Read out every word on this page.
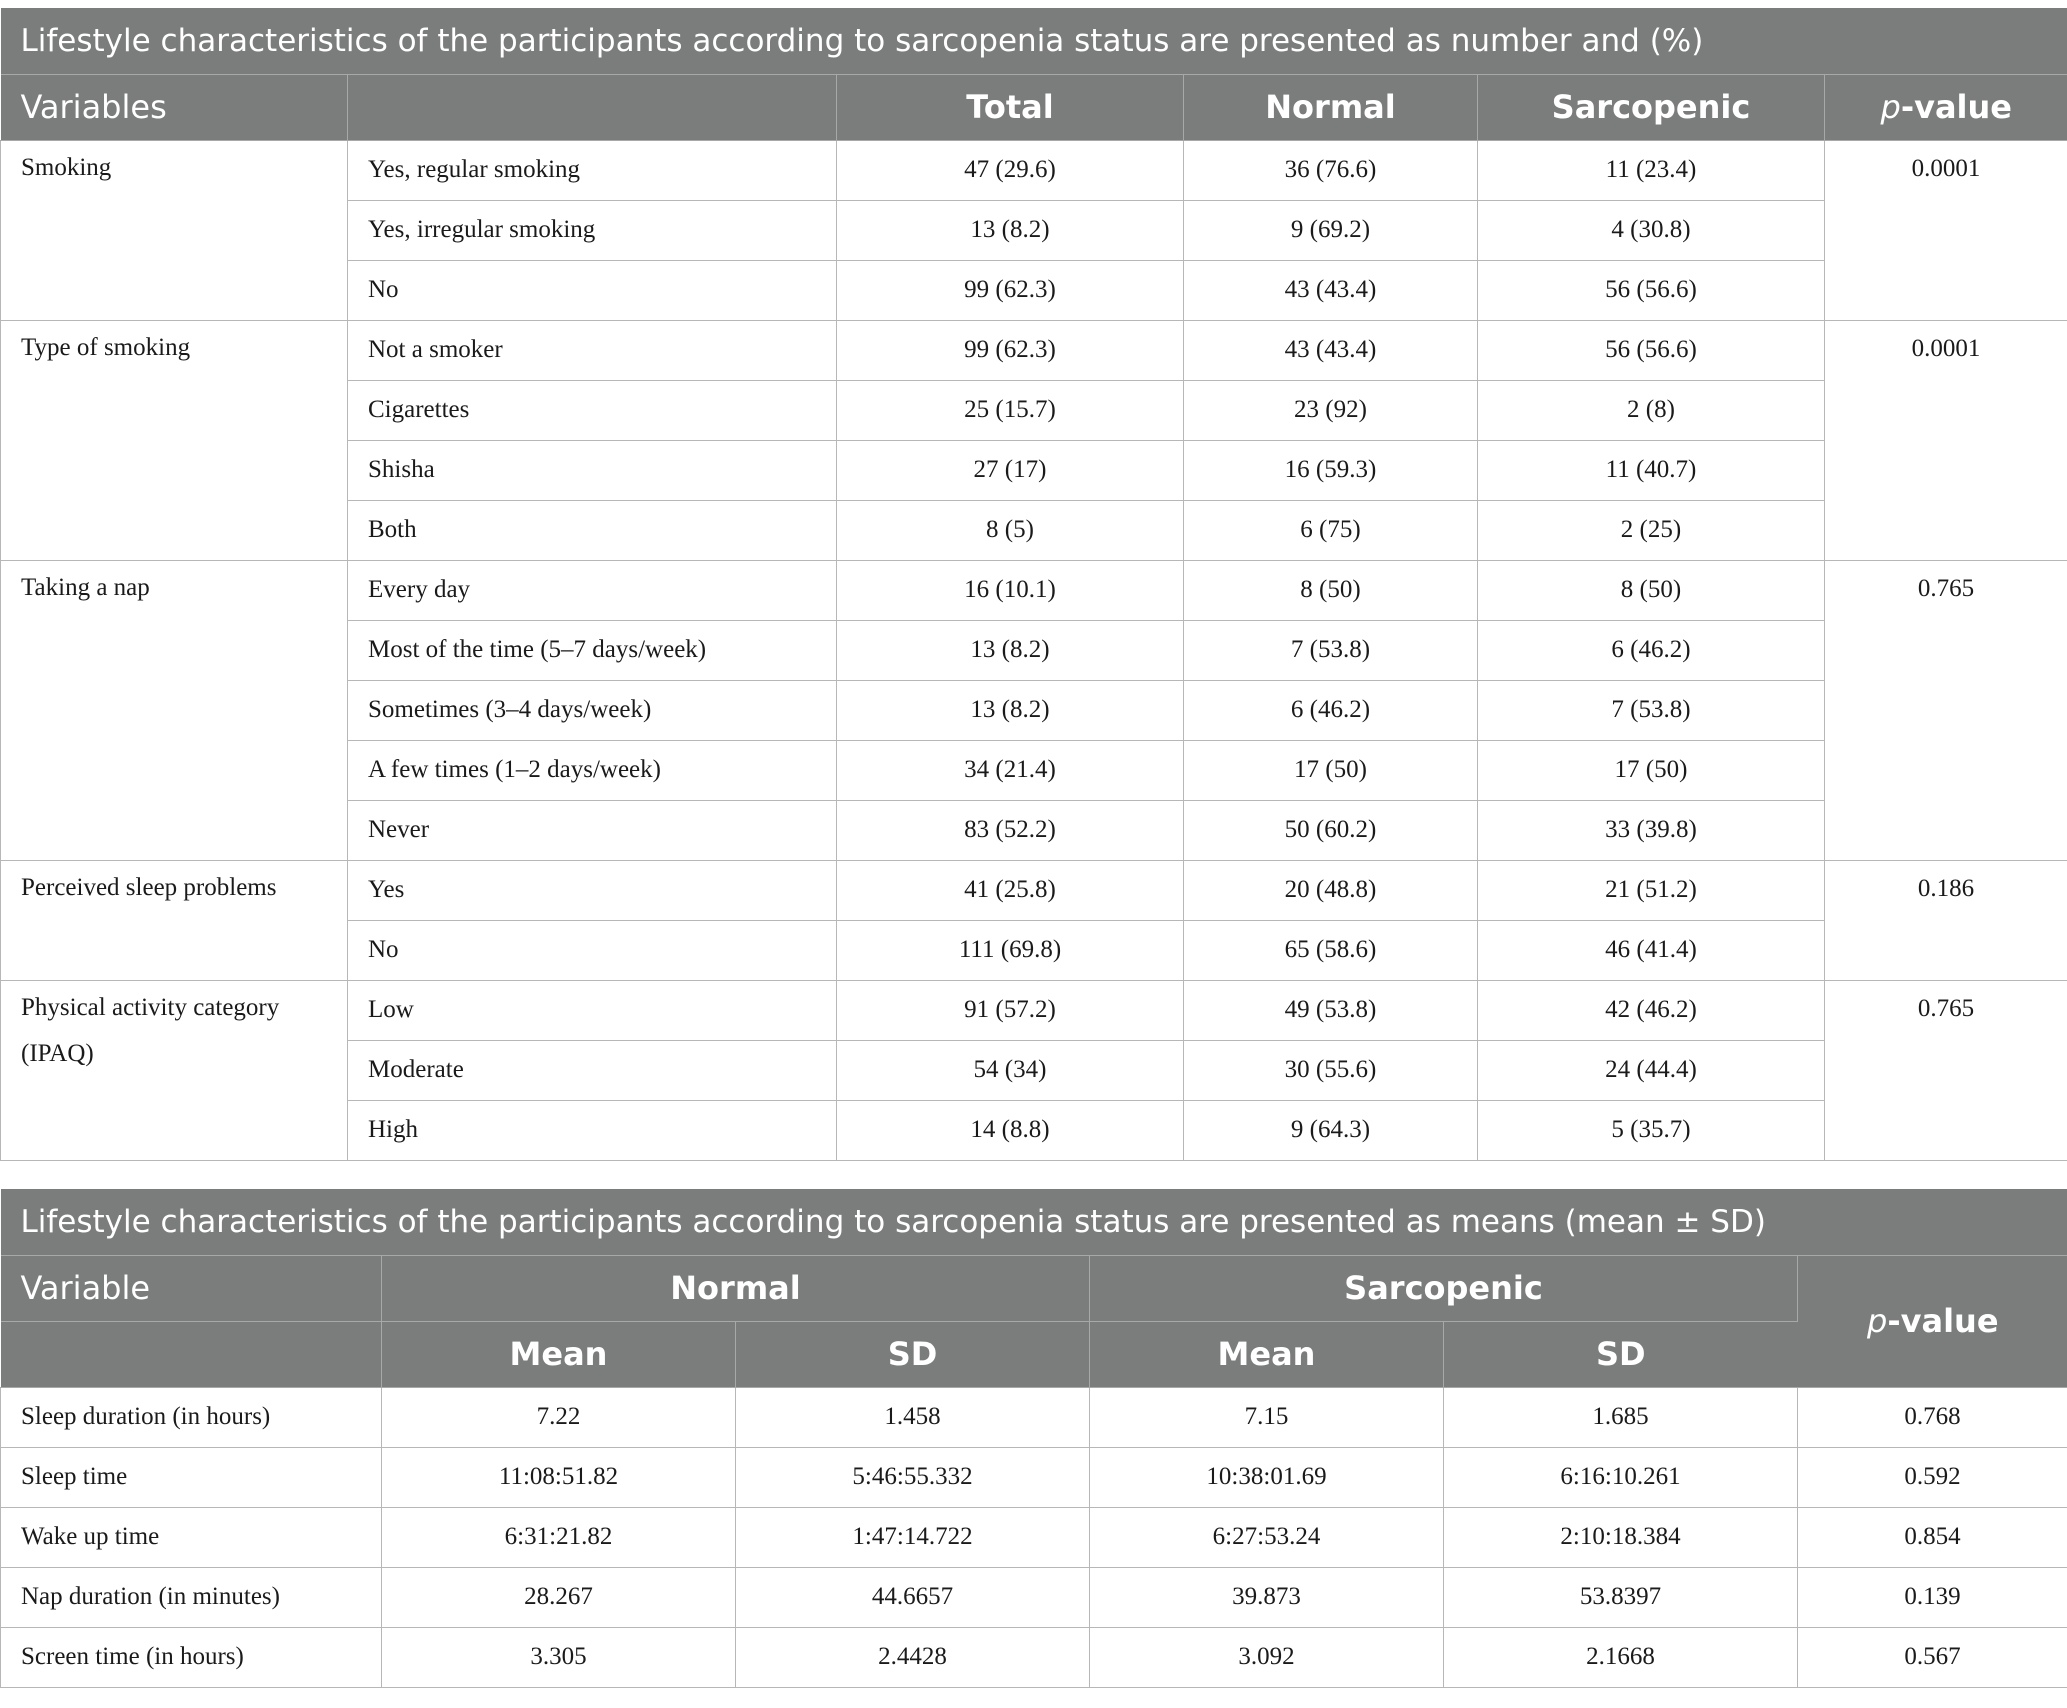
Lifestyle characteristics of the participants according to sarcopenia status are presented as number and (%)					
Variables		Total	Normal	Sarcopenic	p-value

Smoking	Yes, regular smoking	47 (29.6)	36 (76.6)	11 (23.4)	0.0001

	Yes, irregular smoking	13 (8.2)	9 (69.2)	4 (30.8)	
	No	99 (62.3)	43 (43.4)	56 (56.6)	

Type of smoking	Not a smoker	99 (62.3)	43 (43.4)	56 (56.6)	0.0001

	Cigarettes	25 (15.7)	23 (92)	2 (8)	
	Shisha	27 (17)	16 (59.3)	11 (40.7)	
	Both	8 (5)	6 (75)	2 (25)	

Taking a nap	Every day	16 (10.1)	8 (50)	8 (50)	0.765

	Most of the time (5–7 days/week)	13 (8.2)	7 (53.8)	6 (46.2)	
	Sometimes (3–4 days/week)	13 (8.2)	6 (46.2)	7 (53.8)	
	A few times (1–2 days/week)	34 (21.4)	17 (50)	17 (50)	
	Never	83 (52.2)	50 (60.2)	33 (39.8)	

Perceived sleep problems	Yes	41 (25.8)	20 (48.8)	21 (51.2)	0.186

	No	111 (69.8)	65 (58.6)	46 (41.4)	

Physical activity category (IPAQ)	Low	91 (57.2)	49 (53.8)	42 (46.2)	0.765

	Moderate	54 (34)	30 (55.6)	24 (44.4)	
	High	14 (8.8)	9 (64.3)	5 (35.7)	
Lifestyle characteristics of the participants according to sarcopenia status are presented as means (mean ± SD)					
Variable	Normal		Sarcopenic		p-value
	Mean	SD	Mean	SD	
Sleep duration (in hours)	7.22	1.458	7.15	1.685	0.768
Sleep time	11:08:51.82	5:46:55.332	10:38:01.69	6:16:10.261	0.592
Wake up time	6:31:21.82	1:47:14.722	6:27:53.24	2:10:18.384	0.854
Nap duration (in minutes)	28.267	44.6657	39.873	53.8397	0.139
Screen time (in hours)	3.305	2.4428	3.092	2.1668	0.567
